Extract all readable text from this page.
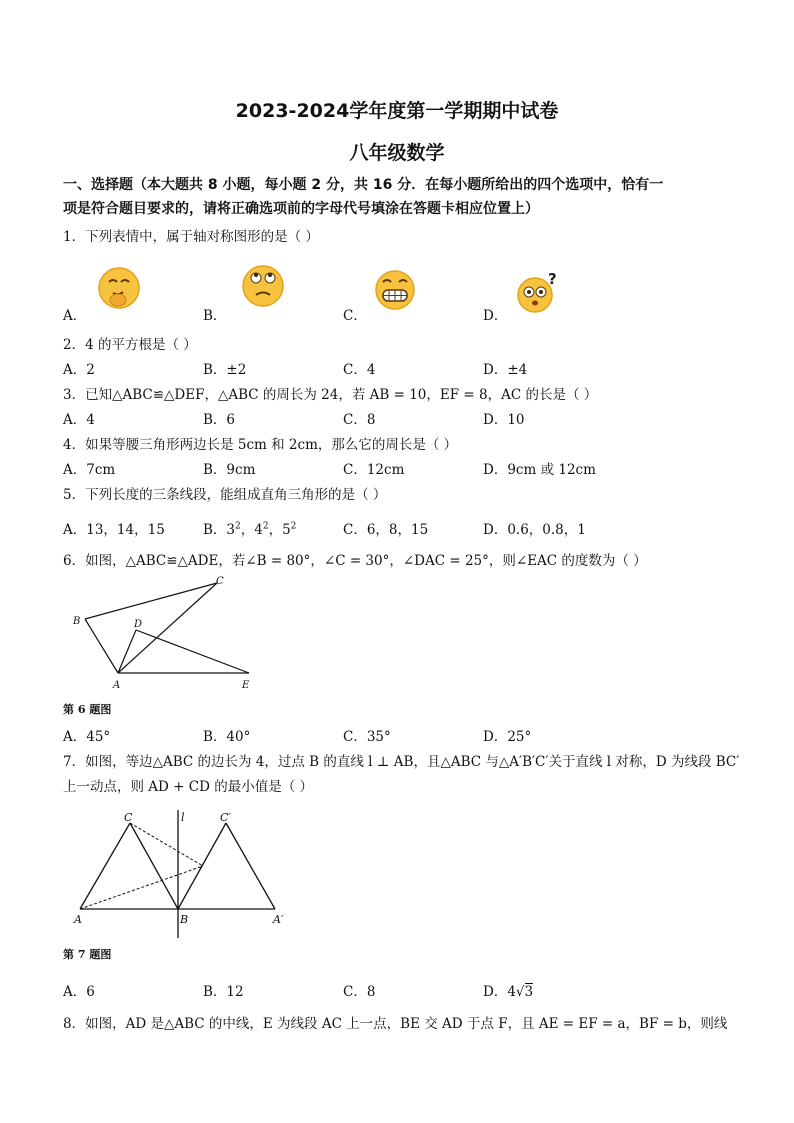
2023-2024学年度第一学期期中试卷
八年级数学
一、选择题（本大题共 8 小题，每小题 2 分，共 16 分．在每小题所给出的四个选项中，恰有一
项是符合题目要求的，请将正确选项前的字母代号填涂在答题卡相应位置上）
1．下列表情中，属于轴对称图形的是（ ）
A．	B．	C．	D．
?
2．4 的平方根是（ ）
A．2	B．±2	C．4	D．±4
3．已知△ABC≌△DEF，△ABC 的周长为 24，若 AB = 10，EF = 8，AC 的长是（ ）
A．4	B．6	C．8	D．10
4．如果等腰三角形两边长是 5cm 和 2cm，那么它的周长是（ ）
A．7cm	B．9cm	C．12cm	D．9cm 或 12cm
5．下列长度的三条线段，能组成直角三角形的是（ ）
A．13，14，15	B．$3^2$，$4^2$，$5^2$	C．6，8，15	D．0.6，0.8，1
6．如图，△ABC≌△ADE，若∠B = 80°，∠C = 30°，∠DAC = 25°，则∠EAC 的度数为（ ）
C
B	D
A	E
第 6 题图
A．45°	B．40°	C．35°	D．25°
7．如图，等边△ABC 的边长为 4，过点 B 的直线 l ⊥ AB，且△ABC 与△A′B′C′关于直线 l 对称，D 为线段 BC′
上一动点，则 AD + CD 的最小值是（ ）
C	l	C′
A	B	A′
第 7 题图
A．6	B．12	C．8	D．4√3
8．如图，AD 是△ABC 的中线，E 为线段 AC 上一点，BE 交 AD 于点 F，且 AE = EF = a，BF = b，则线
